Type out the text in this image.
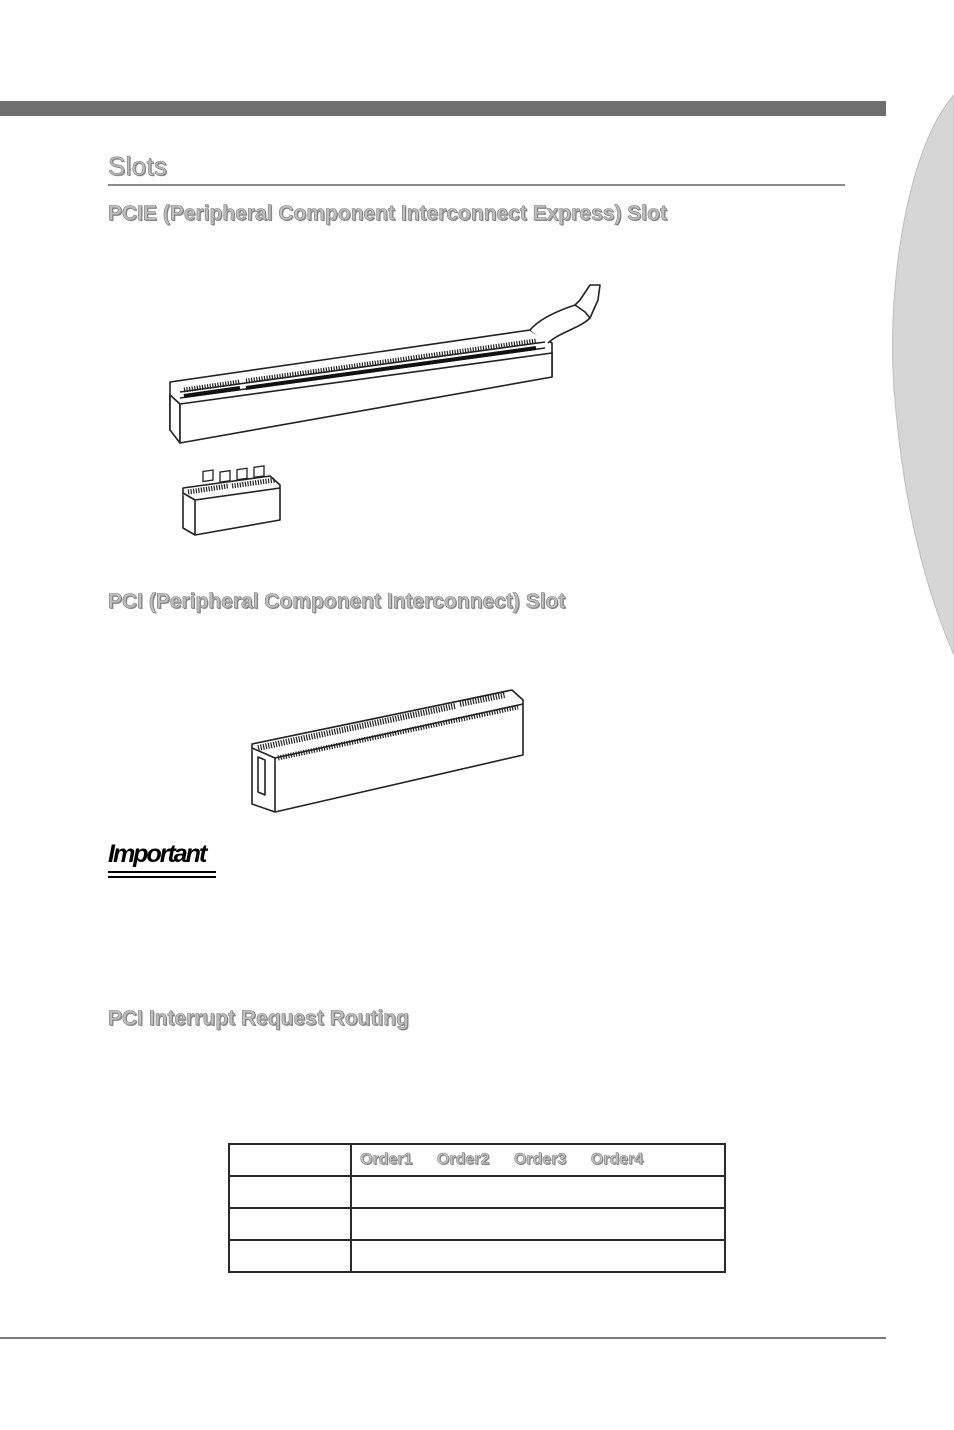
Slots
PCIE (Peripheral Component Interconnect Express) Slot
PCI (Peripheral Component Interconnect) Slot
Important
PCI Interrupt Request Routing
	Order1 Order2 Order3 Order4
